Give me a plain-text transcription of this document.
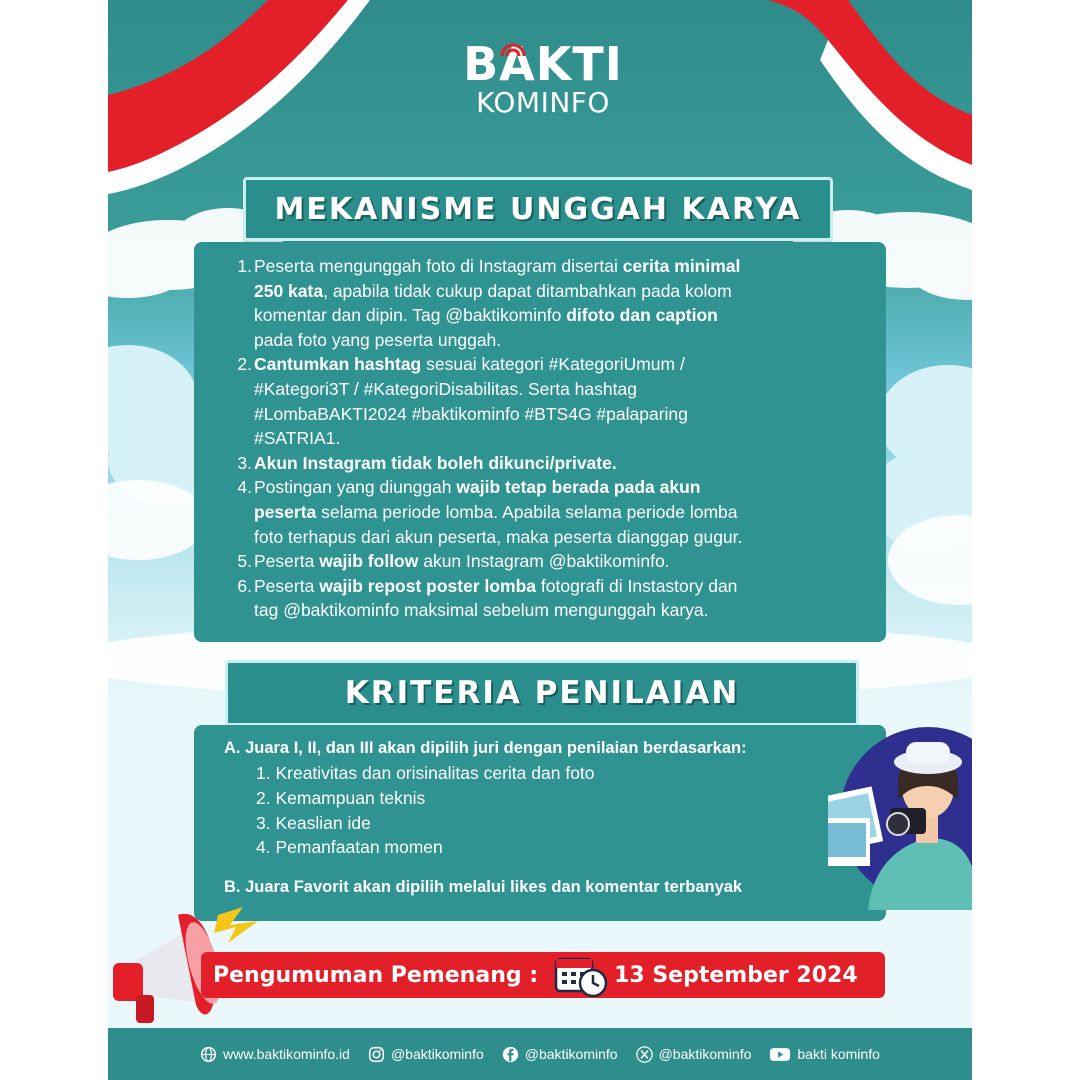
BAKTI
KOMINFO
MEKANISME UNGGAH KARYA
1. Peserta mengunggah foto di Instagram disertai cerita minimal
250 kata, apabila tidak cukup dapat ditambahkan pada kolom
komentar dan dipin. Tag @baktikominfo difoto dan caption
pada foto yang peserta unggah.
2. Cantumkan hashtag sesuai kategori #KategoriUmum /
#Kategori3T / #KategoriDisabilitas. Serta hashtag
#LombaBAKTI2024 #baktikominfo #BTS4G #palaparing
#SATRIA1.
3. Akun Instagram tidak boleh dikunci/private.
4. Postingan yang diunggah wajib tetap berada pada akun
peserta selama periode lomba. Apabila selama periode lomba
foto terhapus dari akun peserta, maka peserta dianggap gugur.
5. Peserta wajib follow akun Instagram @baktikominfo.
6. Peserta wajib repost poster lomba fotografi di Instastory dan
tag @baktikominfo maksimal sebelum mengunggah karya.
KRITERIA PENILAIAN
A. Juara I, II, dan III akan dipilih juri dengan penilaian berdasarkan:
1. Kreativitas dan orisinalitas cerita dan foto
2. Kemampuan teknis
3. Keaslian ide
4. Pemanfaatan momen
B. Juara Favorit akan dipilih melalui likes dan komentar terbanyak
Pengumuman Pemenang :	13 September 2024
www.baktikominfo.id	@baktikominfo	@baktikominfo	@baktikominfo	bakti kominfo
